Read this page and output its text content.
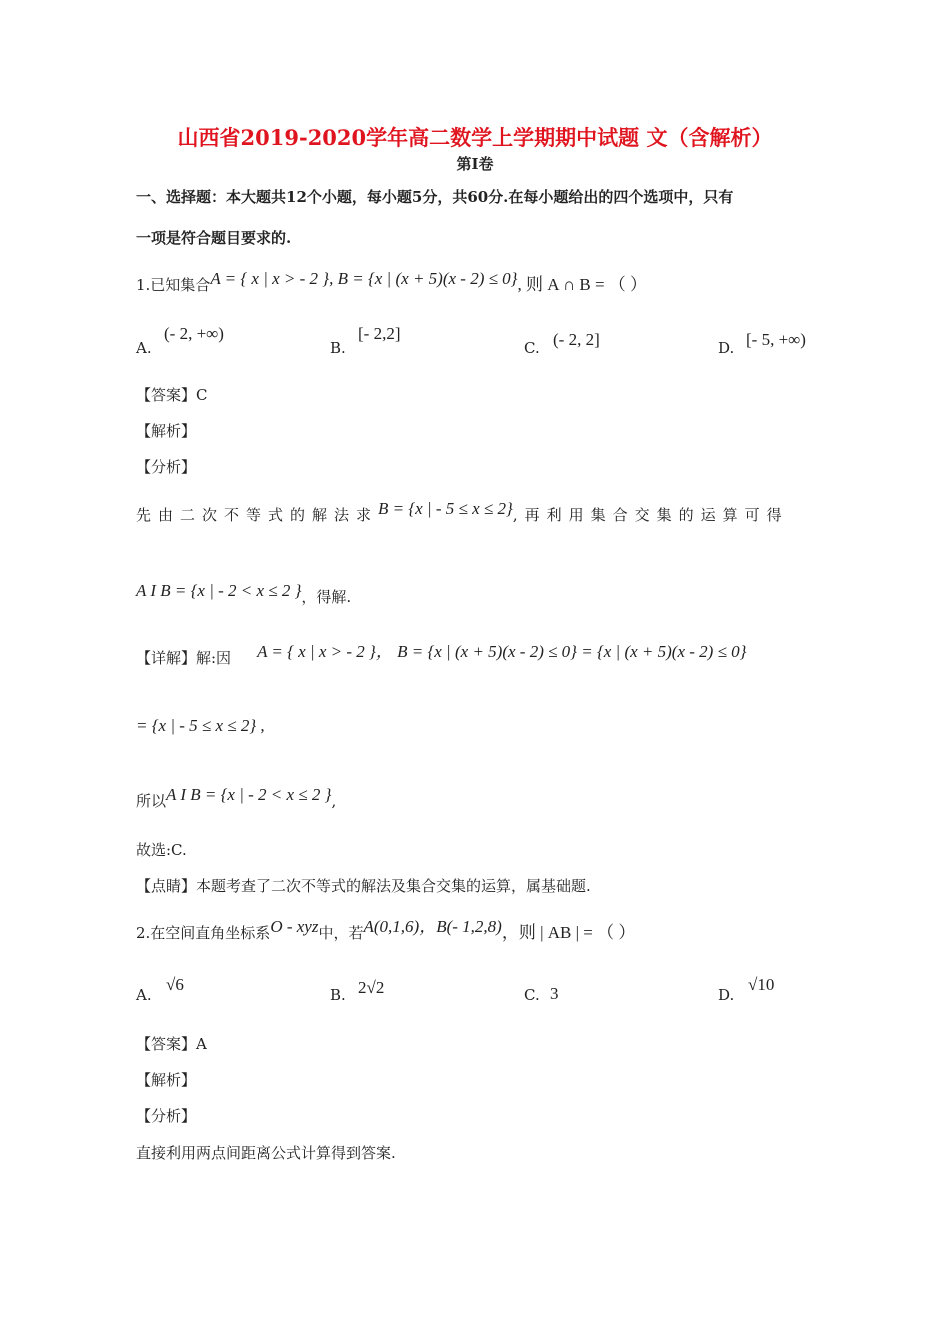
山西省2019-2020学年高二数学上学期期中试题 文（含解析）
第I卷
一、选择题：本大题共12个小题，每小题5分，共60分.在每小题给出的四个选项中，只有
一项是符合题目要求的.
1.已知集合A = { x | x > - 2 }, B = {x | (x + 5)(x - 2) ≤ 0}, 则 A ∩ B = （ ）
A.
(- 2, +∞)
B.
[- 2,2]
C. (- 2, 2]	D. [- 5, +∞)
【答案】C
【解析】
【分析】
先由二次不等式的解法求B = {x | - 5 ≤ x ≤ 2},再利用集合交集的运算可得
A I B = {x | - 2 < x ≤ 2 }，得解.
【详解】解:因 A = { x | x > - 2 }， B = {x | (x + 5)(x - 2) ≤ 0} = {x | (x + 5)(x - 2) ≤ 0}
= {x | - 5 ≤ x ≤ 2} ,
所以A I B = {x | - 2 < x ≤ 2 },
故选:C.
【点睛】本题考查了二次不等式的解法及集合交集的运算，属基础题.
2.在空间直角坐标系O - xyz中，若A(0,1,6)，B(- 1,2,8)，则 | AB | = （ ）
A.
√6
B. 2√2	C. 3	D.
√10
【答案】A
【解析】
【分析】
直接利用两点间距离公式计算得到答案.
